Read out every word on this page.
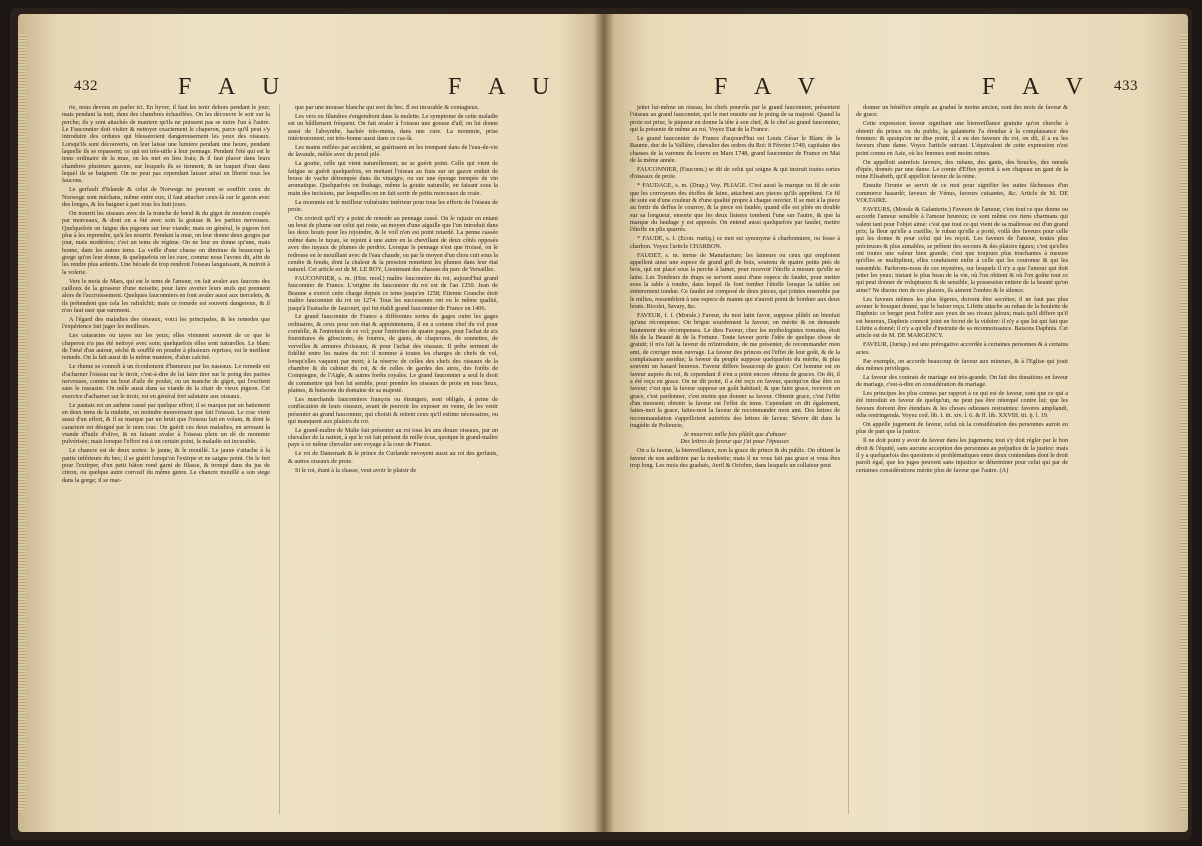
432	F A U	F A U

rie, nous devons en parler ici. En hyver, il faut les tenir dehors pendant le jour; mais pendant la nuit, dans des chambres échauffées. On les découvre le soir sur la perche; ils y sont attachés de maniere qu'ils ne puissent pas se nuire l'un à l'autre. Le Fauconnier doit visiter & nettoyer exactement le chaperon, parce qu'il peut s'y introduire des ordures qui blesseroient dangereusement les yeux des oiseaux. Lorsqu'ils sont découverts, on leur laisse une lumiere pendant une heure, pendant laquelle ils se repassent; ce qui est très-utile à leur pennage. Pendant l'été qui est le tems ordinaire de la mue, on les met en lieu frais; & il faut placer dans leurs chambres plusieurs gazons, sur lesquels ils se tiennent, & un baquet d'eau dans lequel ils se baignent. On ne peut pas cependant laisser ainsi en liberté tous les faucons.

Le gerfault d'Islande & celui de Norwege ne peuvent se souffrir ceux de Norwege sont méchans, même entre eux; il faut attacher ceux-là sur le gazon avec des longes, & les baigner à part tous les huit jours.

On nourrit les oiseaux avec de la tranche de bœuf & du gigot de mouton coupés par morceaux, & dont on a ôté avec soin la graisse & les parties nerveuses. Quelquefois on faigne des pigeons sur leur viande; mais en général, le pigeon fort plus à les reprendre, qu'à les nourrir. Pendant la mue, on leur donne deux gorges par jour, mais modérées; c'est un tems de régime. On ne leur en donne qu'une, mais bonne, dans les autres tems. La veille d'une chasse on diminue de beaucoup la gorge qu'on leur donne, & quelquefois on les cure, comme nous l'avons dit, afin de les rendre plus ardents. Une bécade de trop rendroit l'oiseau languissant, & nuiroit à la volerie.

Vers le mois de Mars, qui est le tems de l'amour, on fait avaler aux faucons des cailloux de la grosseur d'une noisette, pour faire avorter leurs œufs qui prennent alors de l'accroissement. Quelques fauconniers en font avaler aussi aux tiercelets, & ils prétendent que cela les rafraîchit; mais ce remede est souvent dangereux, & il n'en faut user que rarement.

A l'égard des maladies des oiseaux, voici les principales, & les remedes que l'expérience fait juger les meilleurs.

Les cataractes ou tayes sur les yeux; elles viennent souvent de ce que le chaperon n'a pas été nettoyé avec soin; quelquefois elles sont naturelles. Le blanc de l'œuf d'un autour, séché & soufflé en poudre à plusieurs reprises, est le meilleur remede. On la fait aussi de la même maniere, d'alun calciné.

Le rhume se connoît à un écoulement d'humeurs par les naseaux. Le remede est d'acharner l'oiseau sur le tiroir, c'est-à-dire de lui faire tirer sur le poing des parties nerveuses, comme un bout d'aile de poulet, ou un manche de gigot, qui l'excitent sans le rassasier. On mêle aussi dans sa viande de la chair de vieux pigeon. Cet exercice d'acharner sur le tiroir, est en général fort salutaire aux oiseaux.

Le pantais est un asthme causé par quelque effort; il se marque par un battement en deux tems de la mulette, ou moindre mouvement que fait l'oiseau. Le crac vient aussi d'un effort, & il se marque par un bruit que l'oiseau fait en volant, & dont le caractere est désigné par le nom crac. On guérit ces deux maladies, en arrosant la viande d'huile d'olive, & en faisant avaler à l'oiseau plein un dé de mommie pulvérisée; mais lorsque l'effort est à un certain point, la maladie est incurable.

Le chancre est de deux sortes: le jaune, & le mouillé. Le jaune s'attache à la partie inférieure du bec; il se guérit lorsqu'on l'extirpe et ne saigne point. On le fert pour l'extirper, d'un petit bâton rond garni de filasse, & trempé dans du jus de citron, ou quelque autre corrosif du même genre. Le chancre mouillé a son siege dans la gorge; il se mar-

que par une mousse blanche qui sort du bec. Il est incurable & contagieux.

Les vers ou filandres s'engendrent dans la mulette. Le symptome de cette maladie est un bâillement fréquent. On fait avaler à l'oiseau une gousse d'ail; on lui donne aussi de l'absynthe, hachée très-menu, dans une cure. La mommie, prise intérieurement, est très-bonne aussi dans ce cas-là.

Les mains enflées par accident, se guérissent en les trempant dans de l'eau-de-vie de lavande, mêlée avec du persil pilé.

La goutte, celle qui vient naturellement, ne se guérit point. Celle qui vient de fatigue se guérit quelquefois, en mettant l'oiseau au frais sur un gazon enduit de bouse de vache détrempée dans du vinaigre, ou sur une éponge trempée de vin aromatique. Quelquefois on fouhage, même la goutte naturelle, en faisant sous la main des incisions, par lesquelles on en fait sortir de petits morceaux de craie.

La mommie est le meilleur vulnéraire intérieur pour tous les efforts de l'oiseau de proie.

On croiroit qu'il n'y a point de remede au pennage cassé. On le rajuste en entant un bout de plume sur celui qui reste, au moyen d'une aiguille que l'on introduit dans les deux bouts pour les rejoindre, & le voil n'en est point retardé. La penne cassée même dans le tuyau, se rejoint à une autre en la chevillant de deux côtés opposés avec des tuyaux de plumes de perdrix. Lorsque le pennage n'est que froissé, on le redresse en le mouillant avec de l'eau chaude, ou par le moyen d'un chou cuit sous la cendre & fendu, dont la chaleur & la pression remettent les plumes dans leur état naturel. Cet article est de M. LE ROY, Lieutenant des chasses du parc de Versailles.

FAUCONNIER, s. m. (Hist. mod.) maître fauconnier du roi, aujourd'hui grand fauconnier de France. L'origine du fauconnier du roi est de l'an 1250. Jean de Beaune a exercé cette charge depuis ce tems jusqu'en 1258; Etienne Granche étoit maître fauconnier du roi en 1274. Tous les successeurs ont eu le même qualité, jusqu'à Eustache de Jaucourt, qui fut établi grand fauconnier de France en 1406.

Le grand fauconnier de France a différentes sortes de gages outre les gages ordinaires, & ceux pour son état & appointemens, il en a comme chef du vol pour cornéille, & l'entretien de ce vol; pour l'entretien de quatre pages, pour l'achat de six fournitures de gibecieres, de fourres, de gants, de chaperons, de sonnettes, de vervelles & armures d'oiseaux, & pour l'achat des oiseaux. Il prête serment de fidélité entre les mains du roi: il nomme à toutes les charges de chefs de vol, lorsqu'elles vaquent par mort; à la réserve de celles des chefs des oiseaux de la chambre & du cabinet du roi, & de celles de gardes des aires, des forêts de Compiegne, de l'Aigle, & autres forêts royales. Le grand fauconnier a seul le droit de commettre qui bon lui semble, pour prendre les oiseaux de proie en tous lieux, plaines, & buissons du domaine de sa majesté.

Les marchands fauconniers françois ou étrangers, sont obligés, à peine de confiscation de leurs oiseaux, avant de pouvoir les exposer en vente, de les venir présenter au grand fauconnier, qui choisit & retient ceux qu'il estime nécessaires, ou qui manquent aux plaisirs du roi.

Le grand-maître de Malte fait présenter au roi tous les ans douze oiseaux, par un chevalier de la nation, à qui le roi fait présent de mille écus, quoique le grand-maître paye à ce même chevalier son voyage à la cour de France.

Le roi de Danemark & le prince de Curlande envoyent aussi au roi des gerfauts, & autres oiseaux de proie.

Si le roi, étant à la chasse, veut avoir le plaisir de

F A V	F A V 433

jetter lui-même un oiseau, les chefs pourvûs par le grand fauconnier, présentent l'oiseau au grand fauconnier, qui le met ensuite sur le poing de sa majesté. Quand la proie est prise, le piqueur en donne la tête à son chef, & le chef au grand fauconnier, qui la présente de même au roi. Voyez Etat de la France.

Le grand fauconnier de France d'aujourd'hui est Louis César le Blanc de la Baume, duc de la Vallière, chevalier des ordres du Roi: 8 Février 1749, capitaine des chasses de la varenne du louvre en Mars 1748, grand fauconnier de France en Mai de la même année.

FAUCONNIER, (Fauconn.) se dit de celui qui soigne & qui instruit toutes sortes d'oiseaux de proie.

* FAUDAGE, s. m. (Drap.) Voy. PLIAGE. C'est aussi la marque ou fil de soie que les corroyeurs des étoffes de laine, attachent aux pieces qu'ils apprêtent. Ce fil de soie est d'une couleur & d'une qualité propre à chaque ouvrier. Il se met à la piece au fortir du deffus le courroy, & la piece est faudée, quand elle est pliée en double sur sa longueur, ensorte que les deux lisieres tombent l'une sur l'autre, & que la marque du faudage y est apposée. On entend aussi quelquefois par fauder, mettre l'étoffe en plis quarrés.

* FAUDE, s. f. (Econ. rustiq.) ce mot est synonyme à charbonniere, ou fosse à charbon. Voyez l'article CHARBON.

FAUDET, s. m. terme de Manufacture; les laineurs ou ceux qui emploient appellent ainsi une espece de grand gril de bois, soutenu de quatre petits piés de bois, qui est placé sous la perche à lainer, pour recevoir l'étoffe à mesure qu'elle se laine. Les Tondeurs de draps se servent aussi d'une espece de faudet, pour mettre sous la table à tondre, dans lequel ils font tomber l'étoffe lorsque la tablée est entierement tondue. Ce faudet est composé de deux pieces, qui jointes ensemble par le milieu, ressemblent à une espece de manne qui n'auroit point de bordure aux deux bouts. Ricolet, Savary, &c.

FAVEUR, f. f. (Morale.) Faveur, du mot latin favor, suppose plûtôt un bienfait qu'une récompense. On brigue sourdement la faveur; on mérite & on demande hautement des récompenses. Le dieu Faveur, chez les mythologistes romains, étoit fils de la Beauté & de la Fortune. Toute faveur porte l'idée de quelque chose de gratuit; il m'a fait la faveur de m'introduire, de me présenter, de recommander mon ami, de corriger mon ouvrage. La faveur des princes est l'effet de leur goût, & de la complaisance assidue; la faveur du peuple suppose quelquefois du mérite, & plus souvent un hasard heureux. Faveur differe beaucoup de grace. Cet homme est en faveur auprès du roi, & cependant il n'en a point encore obtenu de graces. On dit, il a été reçu en grace. On ne dit point, il a été reçu en faveur, quoiqu'on dise être en faveur; c'est que la faveur suppose un goût habituel; & que faire grace, recevoir en grace, c'est pardonner, c'est moins que donner sa faveur. Obtenir grace, c'est l'effet d'un moment; obtenir la faveur est l'effet du tems. Cependant on dit également, faites-moi la grace, faites-moi la faveur de recommander mon ami. Des lettres de recommandation s'appelloient autrefois des lettres de faveur. Sévere dit dans la tragédie de Polieucte,

Je mourrois mille fois plûtôt que d'abuser
Des lettres de faveur que j'ai pour l'épouser.

On a la faveur, la bienveillance, non la grace du prince & du public. On obtient la faveur de son auditoire par la modestie; mais il ne vous fait pas grace si vous êtes trop long. Les mois des gradués, Avril & Octobre, dans lesquels un collateur peut

donner un bénéfice simple au gradué le moins ancien, sont des mois de faveur & de grace.

Cette expression faveur signifiant une bienveillance gratuite qu'on cherche à obtenir du prince ou du public, la galanterie l'a étendue à la complaisance des femmes: & quoiqu'on ne dise point, il a eu des faveurs du roi, on dit, il a eu les faveurs d'une dame. Voyez l'article suivant. L'équivalent de cette expression n'est point connu en Asie, où les femmes sont moins reines.

On appelloit autrefois faveurs, des rubans, des gants, des boucles, des nœuds d'épée, donnés par une dame. Le comte d'Effex portoit à son chapeau un gant de la reine Elisabeth, qu'il appelloit faveur de la reine.

Ensuite l'ironie se servit de ce mot pour signifier les suites fâcheuses d'un commerce hasardé; faveurs de Vénus, faveurs cuisantes, &c. Article de M. DE VOLTAIRE.

FAVEURS, (Morale & Galanterie.) Faveurs de l'amour, c'est tout ce que donne ou accorde l'amour sensible à l'amour heureux; ce sont même ces riens charmans qui valent tant pour l'objet aimé: c'est que tout ce qui vient de sa maîtresse est d'un grand prix; la fleur qu'elle a cueillie, le ruban qu'elle a porté, voilà des faveurs pour celle qui les donne & pour celui qui les reçoit. Les faveurs de l'amour, toutes plus précieuses & plus aimables, se prêtent des secours & des plaisirs égaux; c'est qu'elles ont toutes une valeur bien grande; c'est que toujours plus touchantes à mesure qu'elles se multiplient, elles conduisent enfin à celle qui les couronne & qui les rassemble. Parlerons-nous de ces mystères, sur lesquels il n'y a que l'amour qui doit jetter les yeux; instant le plus beau de la vie, où l'on obtient & où l'on goûte tout ce qui peut donner de voluptueux & de sensible, la possession entiere de la beauté qu'on aime? Ne disons rien de ces plaisirs, ils aiment l'ombre & le silence.

Les faveurs mêmes les plus légeres, doivent être secrètes; il ne faut pas plus avouer le bouquet donné, que le baiser reçu. Lifette attache au ruban de la houlette de Daphnis: ce berger peut l'offrir aux yeux de ses rivaux jaloux; mais qu'il differe qu'il est heureux, Daphnis connoit joint en fecret de la vidoire: il n'y a que lui qui fait que Lifette a donné; il n'y a qu'elle d'instruite de sa reconnoissance. Baisons Daphnis. Cet article est de M. DE MARGENCY.

FAVEUR, (Jurisp.) est une prérogative accordée à certaines personnes & à certains actes.

Par exemple, on accorde beaucoup de faveur aux mineurs, & à l'Eglise qui jouit des mêmes privileges.

La faveur des contrats de mariage est très-grande. On fait des donations en faveur de mariage, c'est-à-dire en considération du mariage.

Les principes les plus connus par rapport à ce qui est de faveur, sont que ce qui a été introduit en faveur de quelqu'un, ne peut pas être rétorqué contre lui; que les faveurs doivent être étendues & les choses odieuses restraintes: favores ampliandi, odia restringenda. Voyez cod. lib. I. tit. xiv. l. 6. & ff. lib. XXVIII. tit. ij. l. 19.

On appelle jugement de faveur, celui où la considération des personnes auroit eu plus de part que la justice.

Il ne doit point y avoir de faveur dans les jugemens; tout s'y doit régler par le bon droit & l'équité, sans aucune acception des personnes au préjudice de la justice: mais il y a quelquefois des questions si problématiques entre deux contendans dont le droit paroît égal, que les juges peuvent sans injustice se déterminer pour celui qui par de certaines considérations mérite plus de faveur que l'autre. (A)
